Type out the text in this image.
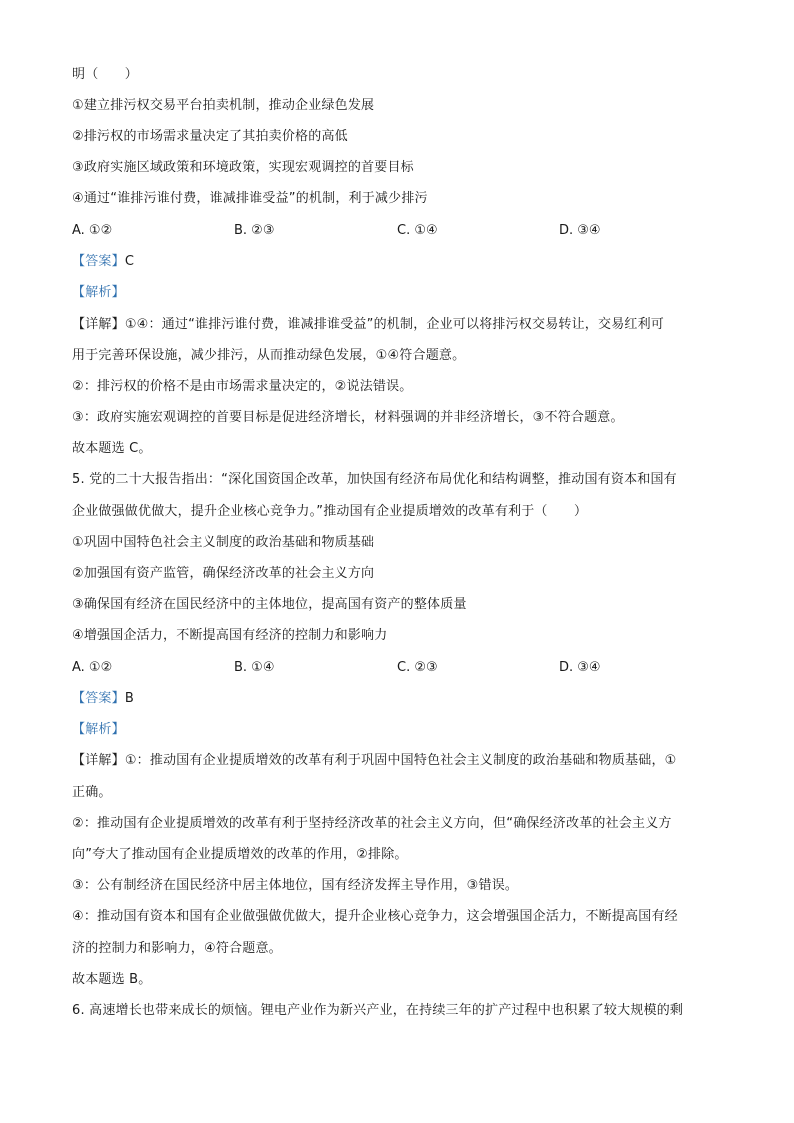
明（　　）
①建立排污权交易平台拍卖机制，推动企业绿色发展
②排污权的市场需求量决定了其拍卖价格的高低
③政府实施区域政策和环境政策，实现宏观调控的首要目标
④通过“谁排污谁付费，谁减排谁受益”的机制，利于减少排污
A. ①②	B. ②③	C. ①④	D. ③④
【答案】C
【解析】
【详解】①④：通过“谁排污谁付费，谁减排谁受益”的机制，企业可以将排污权交易转让，交易红利可
用于完善环保设施，减少排污，从而推动绿色发展，①④符合题意。
②：排污权的价格不是由市场需求量决定的，②说法错误。
③：政府实施宏观调控的首要目标是促进经济增长，材料强调的并非经济增长，③不符合题意。
故本题选 C。
5. 党的二十大报告指出：“深化国资国企改革，加快国有经济布局优化和结构调整，推动国有资本和国有
企业做强做优做大，提升企业核心竞争力。”推动国有企业提质增效的改革有利于（　　）
①巩固中国特色社会主义制度的政治基础和物质基础
②加强国有资产监管，确保经济改革的社会主义方向
③确保国有经济在国民经济中的主体地位，提高国有资产的整体质量
④增强国企活力，不断提高国有经济的控制力和影响力
A. ①②	B. ①④	C. ②③	D. ③④
【答案】B
【解析】
【详解】①：推动国有企业提质增效的改革有利于巩固中国特色社会主义制度的政治基础和物质基础，①
正确。
②：推动国有企业提质增效的改革有利于坚持经济改革的社会主义方向，但“确保经济改革的社会主义方
向”夸大了推动国有企业提质增效的改革的作用，②排除。
③：公有制经济在国民经济中居主体地位，国有经济发挥主导作用，③错误。
④：推动国有资本和国有企业做强做优做大，提升企业核心竞争力，这会增强国企活力，不断提高国有经
济的控制力和影响力，④符合题意。
故本题选 B。
6. 高速增长也带来成长的烦恼。锂电产业作为新兴产业，在持续三年的扩产过程中也积累了较大规模的剩
